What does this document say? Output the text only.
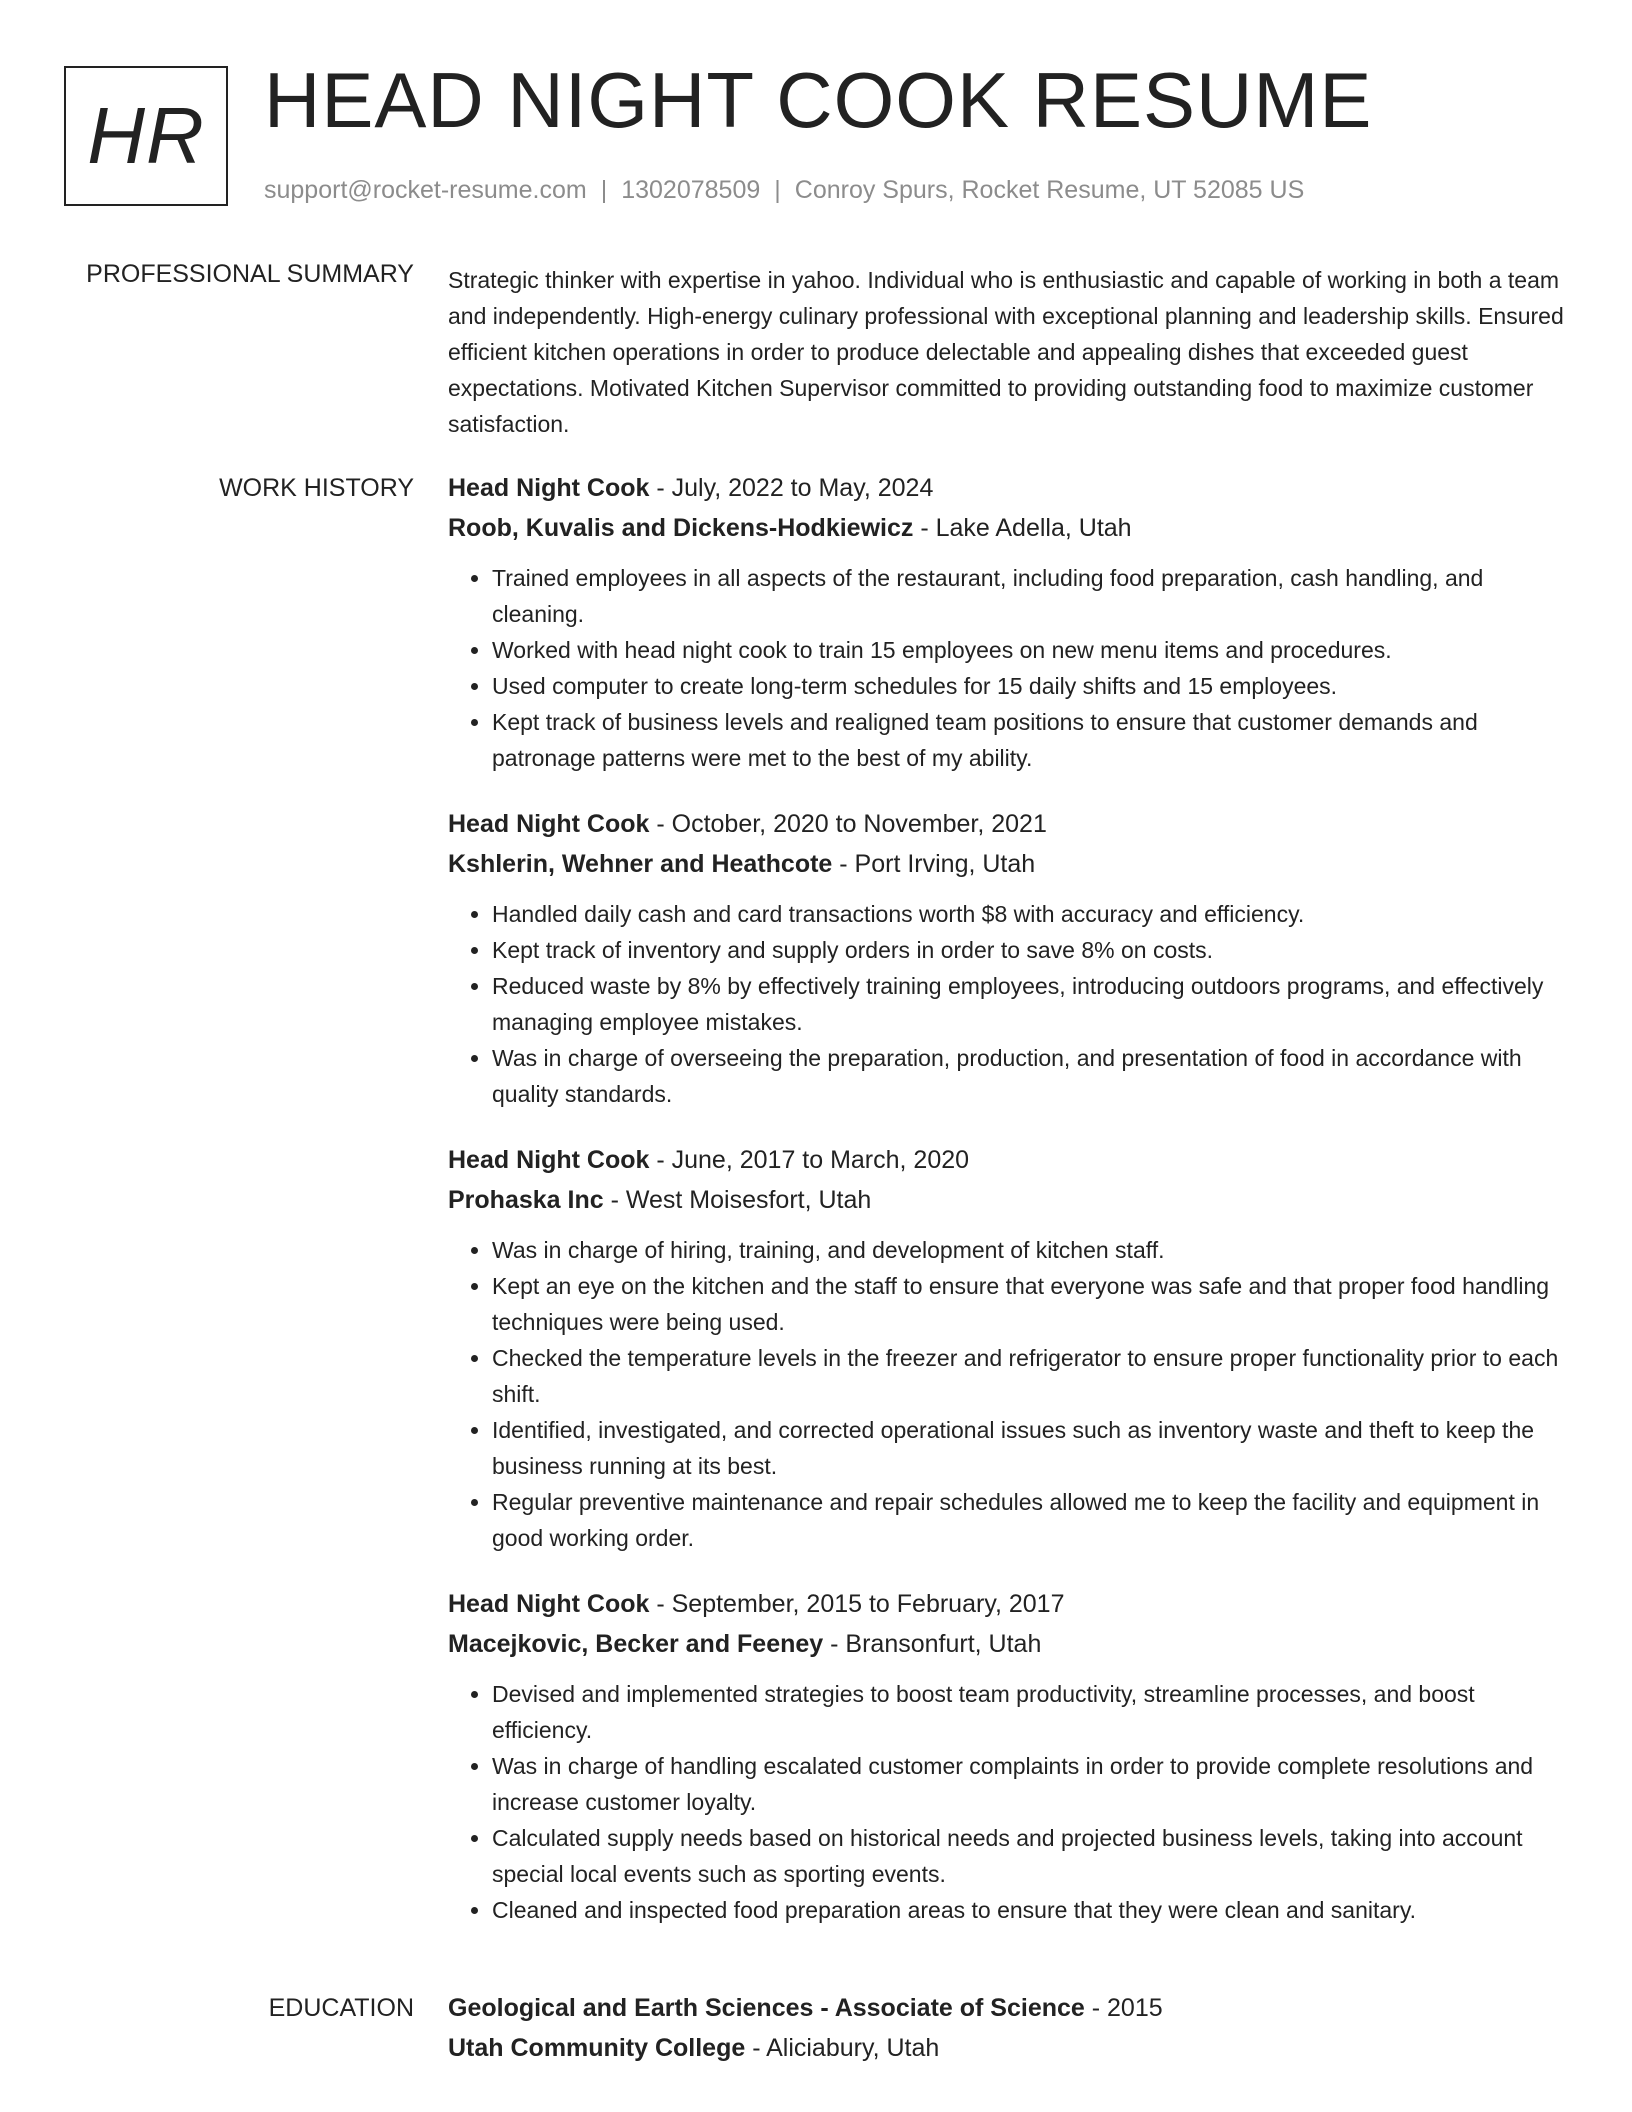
HR HEAD NIGHT COOK RESUME
support@rocket-resume.com | 1302078509 | Conroy Spurs, Rocket Resume, UT 52085 US
PROFESSIONAL SUMMARY Strategic thinker with expertise in yahoo. Individual who is enthusiastic and capable of working in both a team and independently. High-energy culinary professional with exceptional planning and leadership skills. Ensured efficient kitchen operations in order to produce delectable and appealing dishes that exceeded guest expectations. Motivated Kitchen Supervisor committed to providing outstanding food to maximize customer satisfaction.
WORK HISTORY Head Night Cook - July, 2022 to May, 2024
Roob, Kuvalis and Dickens-Hodkiewicz - Lake Adella, Utah
• Trained employees in all aspects of the restaurant, including food preparation, cash handling, and cleaning.
• Worked with head night cook to train 15 employees on new menu items and procedures.
• Used computer to create long-term schedules for 15 daily shifts and 15 employees.
• Kept track of business levels and realigned team positions to ensure that customer demands and patronage patterns were met to the best of my ability.
Head Night Cook - October, 2020 to November, 2021
Kshlerin, Wehner and Heathcote - Port Irving, Utah
• Handled daily cash and card transactions worth $8 with accuracy and efficiency.
• Kept track of inventory and supply orders in order to save 8% on costs.
• Reduced waste by 8% by effectively training employees, introducing outdoors programs, and effectively managing employee mistakes.
• Was in charge of overseeing the preparation, production, and presentation of food in accordance with quality standards.
Head Night Cook - June, 2017 to March, 2020
Prohaska Inc - West Moisesfort, Utah
• Was in charge of hiring, training, and development of kitchen staff.
• Kept an eye on the kitchen and the staff to ensure that everyone was safe and that proper food handling techniques were being used.
• Checked the temperature levels in the freezer and refrigerator to ensure proper functionality prior to each shift.
• Identified, investigated, and corrected operational issues such as inventory waste and theft to keep the business running at its best.
• Regular preventive maintenance and repair schedules allowed me to keep the facility and equipment in good working order.
Head Night Cook - September, 2015 to February, 2017
Macejkovic, Becker and Feeney - Bransonfurt, Utah
• Devised and implemented strategies to boost team productivity, streamline processes, and boost efficiency.
• Was in charge of handling escalated customer complaints in order to provide complete resolutions and increase customer loyalty.
• Calculated supply needs based on historical needs and projected business levels, taking into account special local events such as sporting events.
• Cleaned and inspected food preparation areas to ensure that they were clean and sanitary.
EDUCATION Geological and Earth Sciences - Associate of Science - 2015
Utah Community College - Aliciabury, Utah
